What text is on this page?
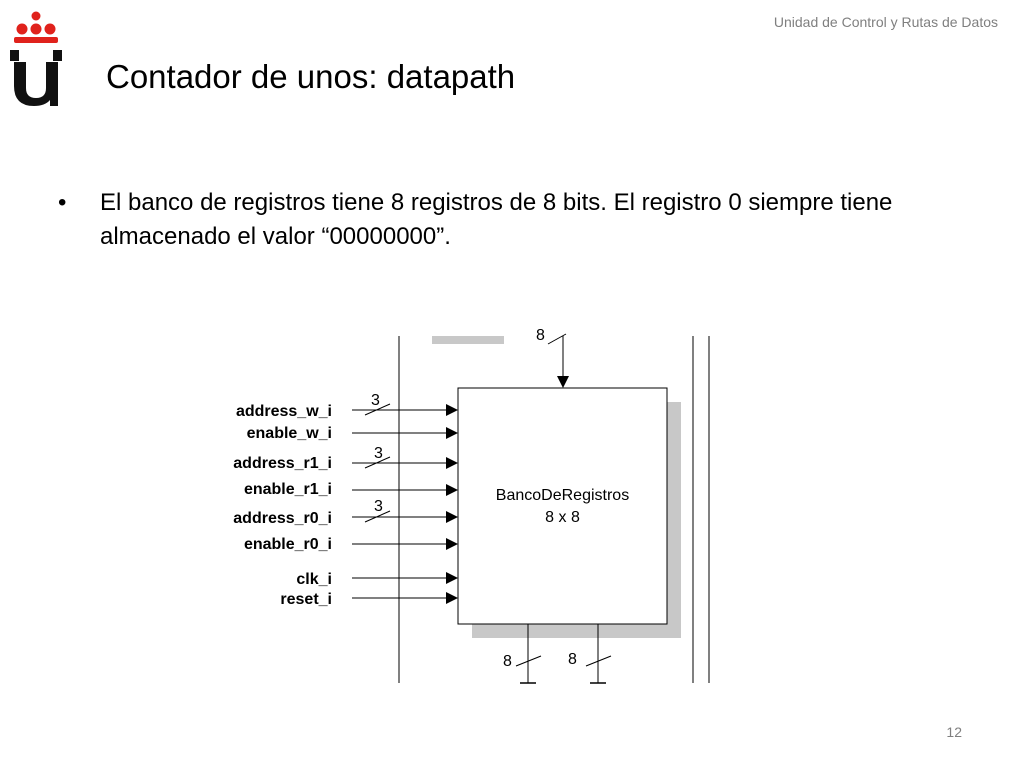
Unidad de Control y Rutas de Datos
Contador de unos: datapath
• El banco de registros tiene 8 registros de 8 bits. El registro 0 siempre tiene almacenado el valor “00000000”.
BancoDeRegistros
8 x 8
8
address_w_i
enable_w_i
address_r1_i
enable_r1_i
address_r0_i
enable_r0_i
clk_i
reset_i
3
3
3
8	8
12
